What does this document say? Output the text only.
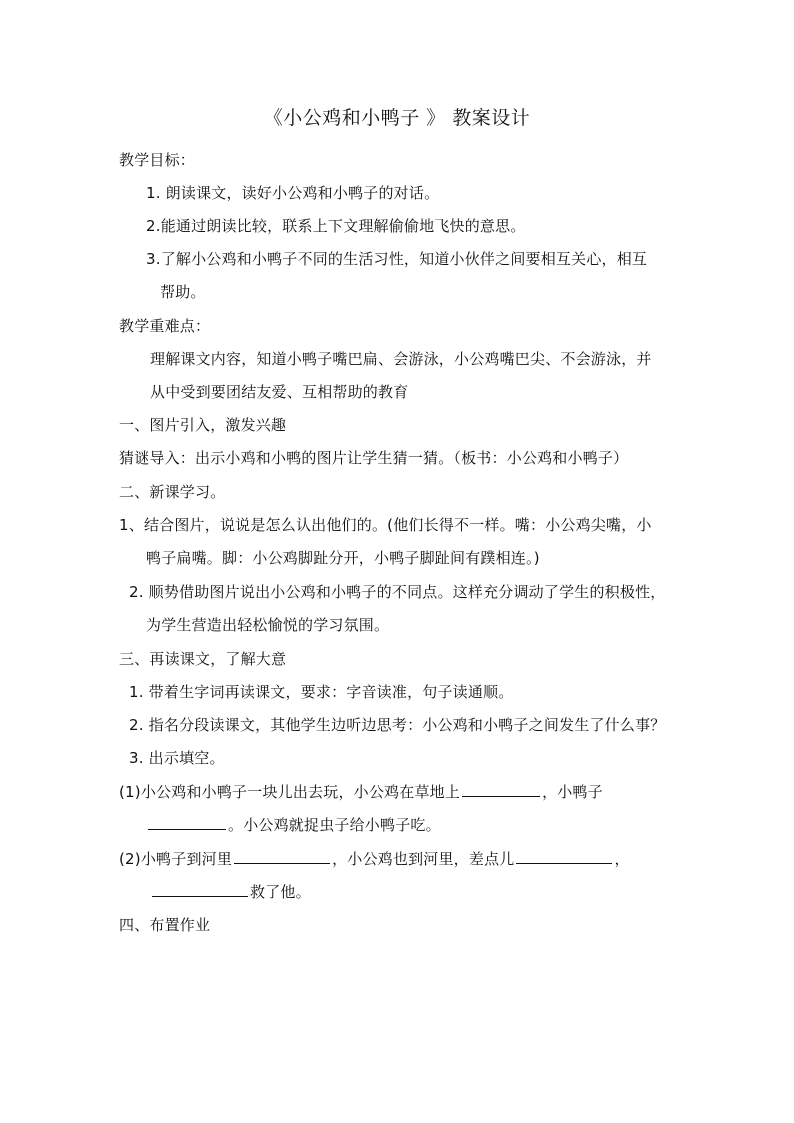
《小公鸡和小鸭子 》 教案设计
教学目标：
1. 朗读课文，读好小公鸡和小鸭子的对话。
2.能通过朗读比较，联系上下文理解偷偷地飞快的意思。
3.了解小公鸡和小鸭子不同的生活习性，知道小伙伴之间要相互关心，相互
帮助。
教学重难点：
理解课文内容，知道小鸭子嘴巴扁、会游泳，小公鸡嘴巴尖、不会游泳，并
从中受到要团结友爱、互相帮助的教育
一、图片引入，激发兴趣
猜谜导入：出示小鸡和小鸭的图片让学生猜一猜。（板书：小公鸡和小鸭子）
二、新课学习。
1、结合图片，说说是怎么认出他们的。(他们长得不一样。嘴：小公鸡尖嘴，小
鸭子扁嘴。脚：小公鸡脚趾分开，小鸭子脚趾间有蹼相连。)
2. 顺势借助图片说出小公鸡和小鸭子的不同点。这样充分调动了学生的积极性，
为学生营造出轻松愉悦的学习氛围。
三、再读课文，了解大意
1. 带着生字词再读课文，要求：字音读准，句子读通顺。
2. 指名分段读课文，其他学生边听边思考：小公鸡和小鸭子之间发生了什么事？
3. 出示填空。
(1)小公鸡和小鸭子一块儿出去玩，小公鸡在草地上	，小鸭子
。小公鸡就捉虫子给小鸭子吃。
(2)小鸭子到河里	，小公鸡也到河里，差点儿	，
救了他。
四、布置作业
